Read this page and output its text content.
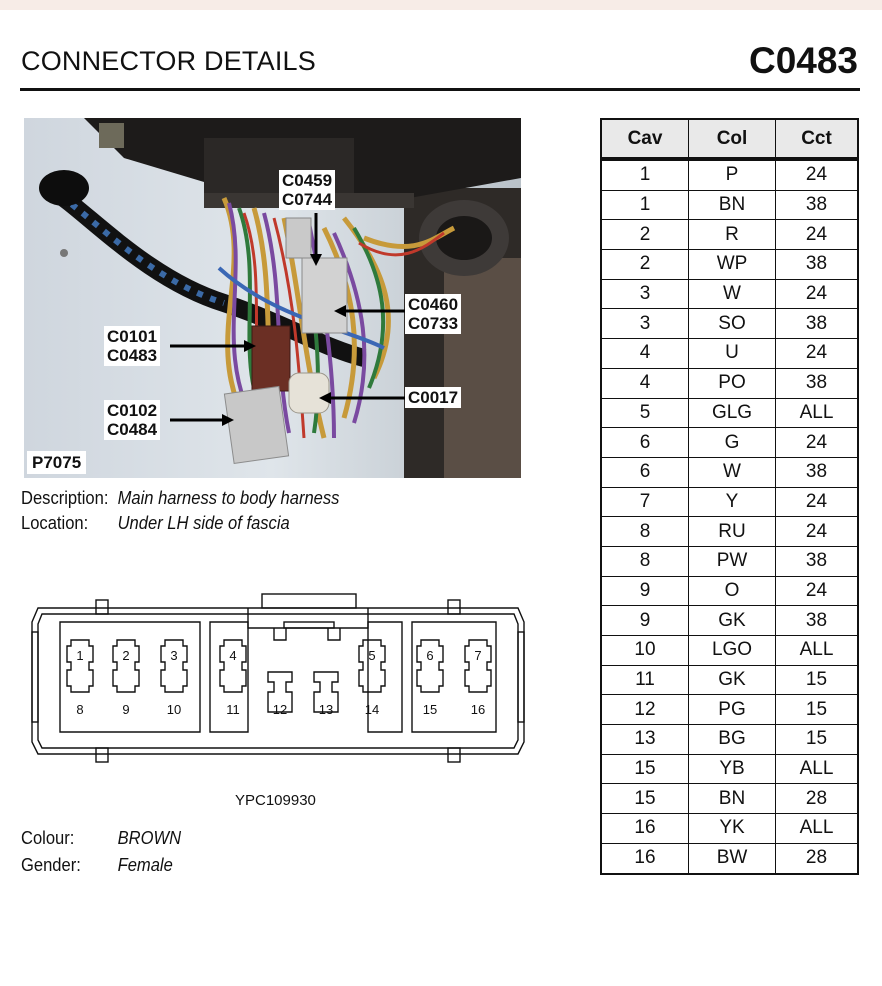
CONNECTOR DETAILS	C0483
C0459
C0744
C0460
C0733
C0101
C0483
C0017
C0102
C0484
P7075
Description: Main harness to body harness
Location: Under LH side of fascia
1	2	3	4	5	6	7
8	9	10	11	12 13 14	15	16
YPC109930
Colour: BROWN
Gender: Female
Cav	Col	Cct
1	P	24
1	BN	38
2	R	24
2	WP	38
3	W	24
3	SO	38
4	U	24
4	PO	38
5	GLG	ALL
6	G	24
6	W	38
7	Y	24
8	RU	24
8	PW	38
9	O	24
9	GK	38
10	LGO	ALL
11	GK	15
12	PG	15
13	BG	15
15	YB	ALL
15	BN	28
16	YK	ALL
16	BW	28
